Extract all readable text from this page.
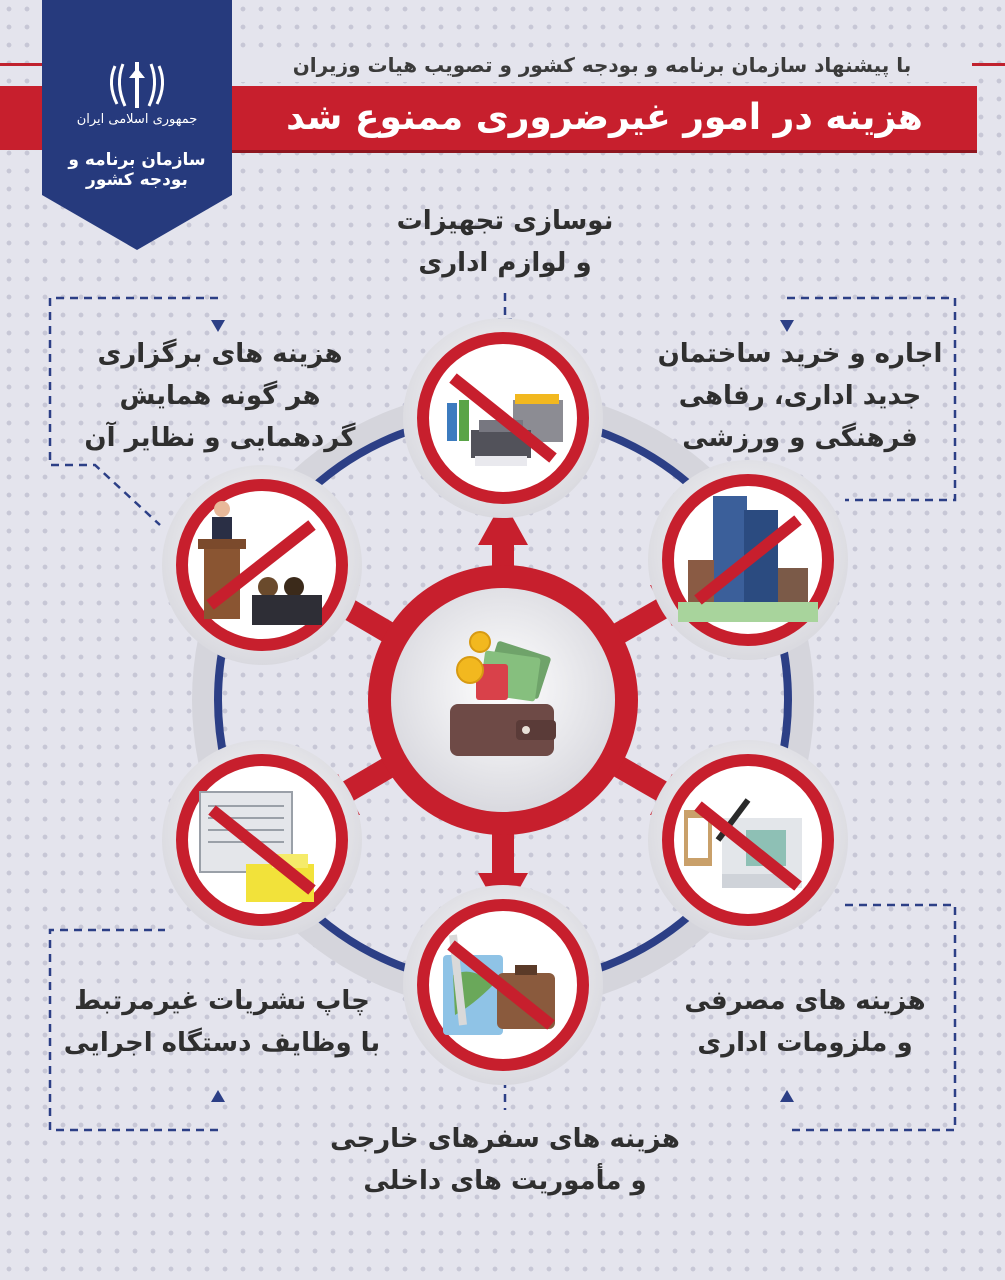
با پیشنهاد سازمان برنامه و بودجه کشور و تصویب هیات وزیران
هزینه در امور غیرضروری ممنوع شد
جمهوری اسلامی ایران
سازمان برنامه و بودجه کشور
نوسازی تجهیزات
و لوازم اداری
اجاره و خرید ساختمان
جدید اداری، رفاهی
فرهنگی و ورزشی
هزینه های برگزاری
هر گونه همایش
گردهمایی و نظایر آن
هزینه های مصرفی
و ملزومات اداری
چاپ نشریات غیرمرتبط
با وظایف دستگاه اجرایی
هزینه های سفرهای خارجی
و مأموریت های داخلی
